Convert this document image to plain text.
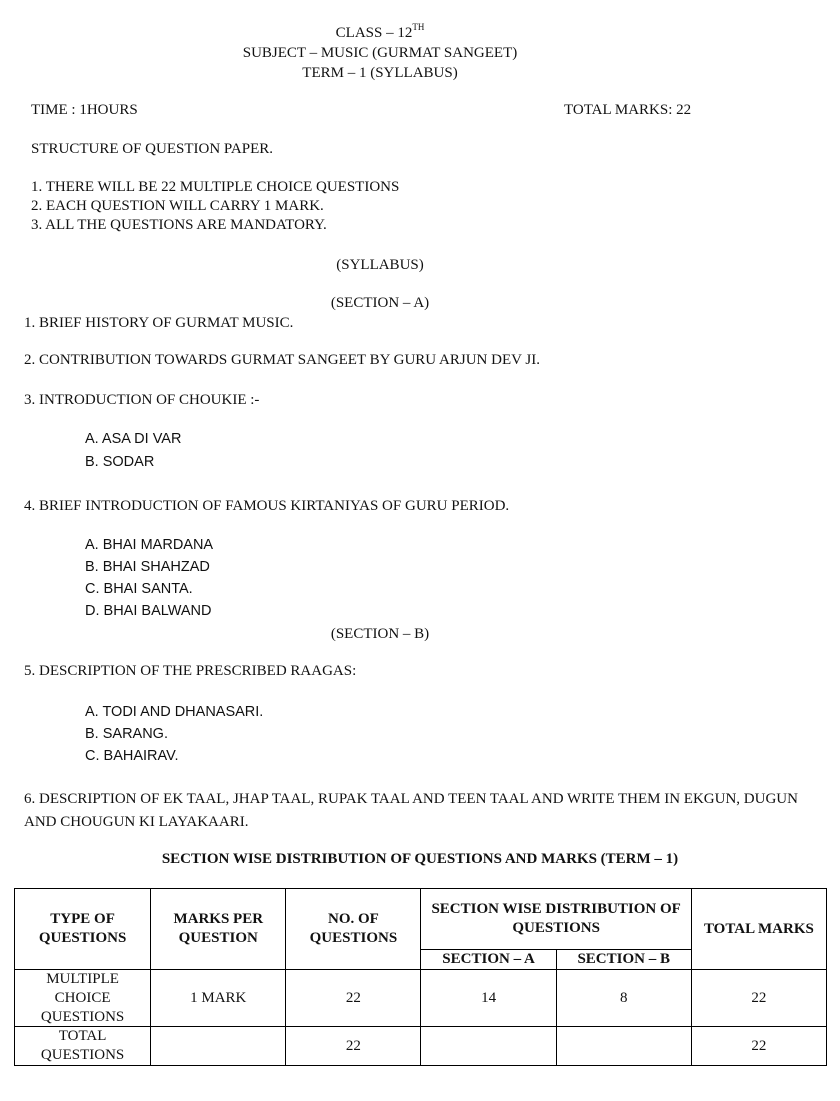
CLASS – 12TH
SUBJECT – MUSIC (GURMAT SANGEET)
TERM – 1 (SYLLABUS)
TIME : 1HOURS	TOTAL MARKS: 22
STRUCTURE OF QUESTION PAPER.
1. THERE WILL BE 22 MULTIPLE CHOICE QUESTIONS
2. EACH QUESTION WILL CARRY 1 MARK.
3. ALL THE QUESTIONS ARE MANDATORY.
(SYLLABUS)
(SECTION – A)
1. BRIEF HISTORY OF GURMAT MUSIC.
2. CONTRIBUTION TOWARDS GURMAT SANGEET BY GURU ARJUN DEV JI.
3. INTRODUCTION OF CHOUKIE :-
A. ASA DI VAR
B. SODAR
4. BRIEF INTRODUCTION OF FAMOUS KIRTANIYAS OF GURU PERIOD.
A. BHAI MARDANA
B. BHAI SHAHZAD
C. BHAI SANTA.
D. BHAI BALWAND
(SECTION – B)
5. DESCRIPTION OF THE PRESCRIBED RAAGAS:
A. TODI AND DHANASARI.
B. SARANG.
C. BAHAIRAV.
6. DESCRIPTION OF EK TAAL, JHAP TAAL, RUPAK TAAL AND TEEN TAAL AND WRITE THEM IN EKGUN, DUGUN AND CHOUGUN KI LAYAKAARI.
SECTION WISE DISTRIBUTION OF QUESTIONS AND MARKS (TERM – 1)
TYPE OF QUESTIONS	MARKS PER QUESTION	NO. OF QUESTIONS	SECTION WISE DISTRIBUTION OF QUESTIONS		TOTAL MARKS
			SECTION – A	SECTION – B	
MULTIPLE CHOICE QUESTIONS	1 MARK	22	14	8	22
TOTAL QUESTIONS		22			22
